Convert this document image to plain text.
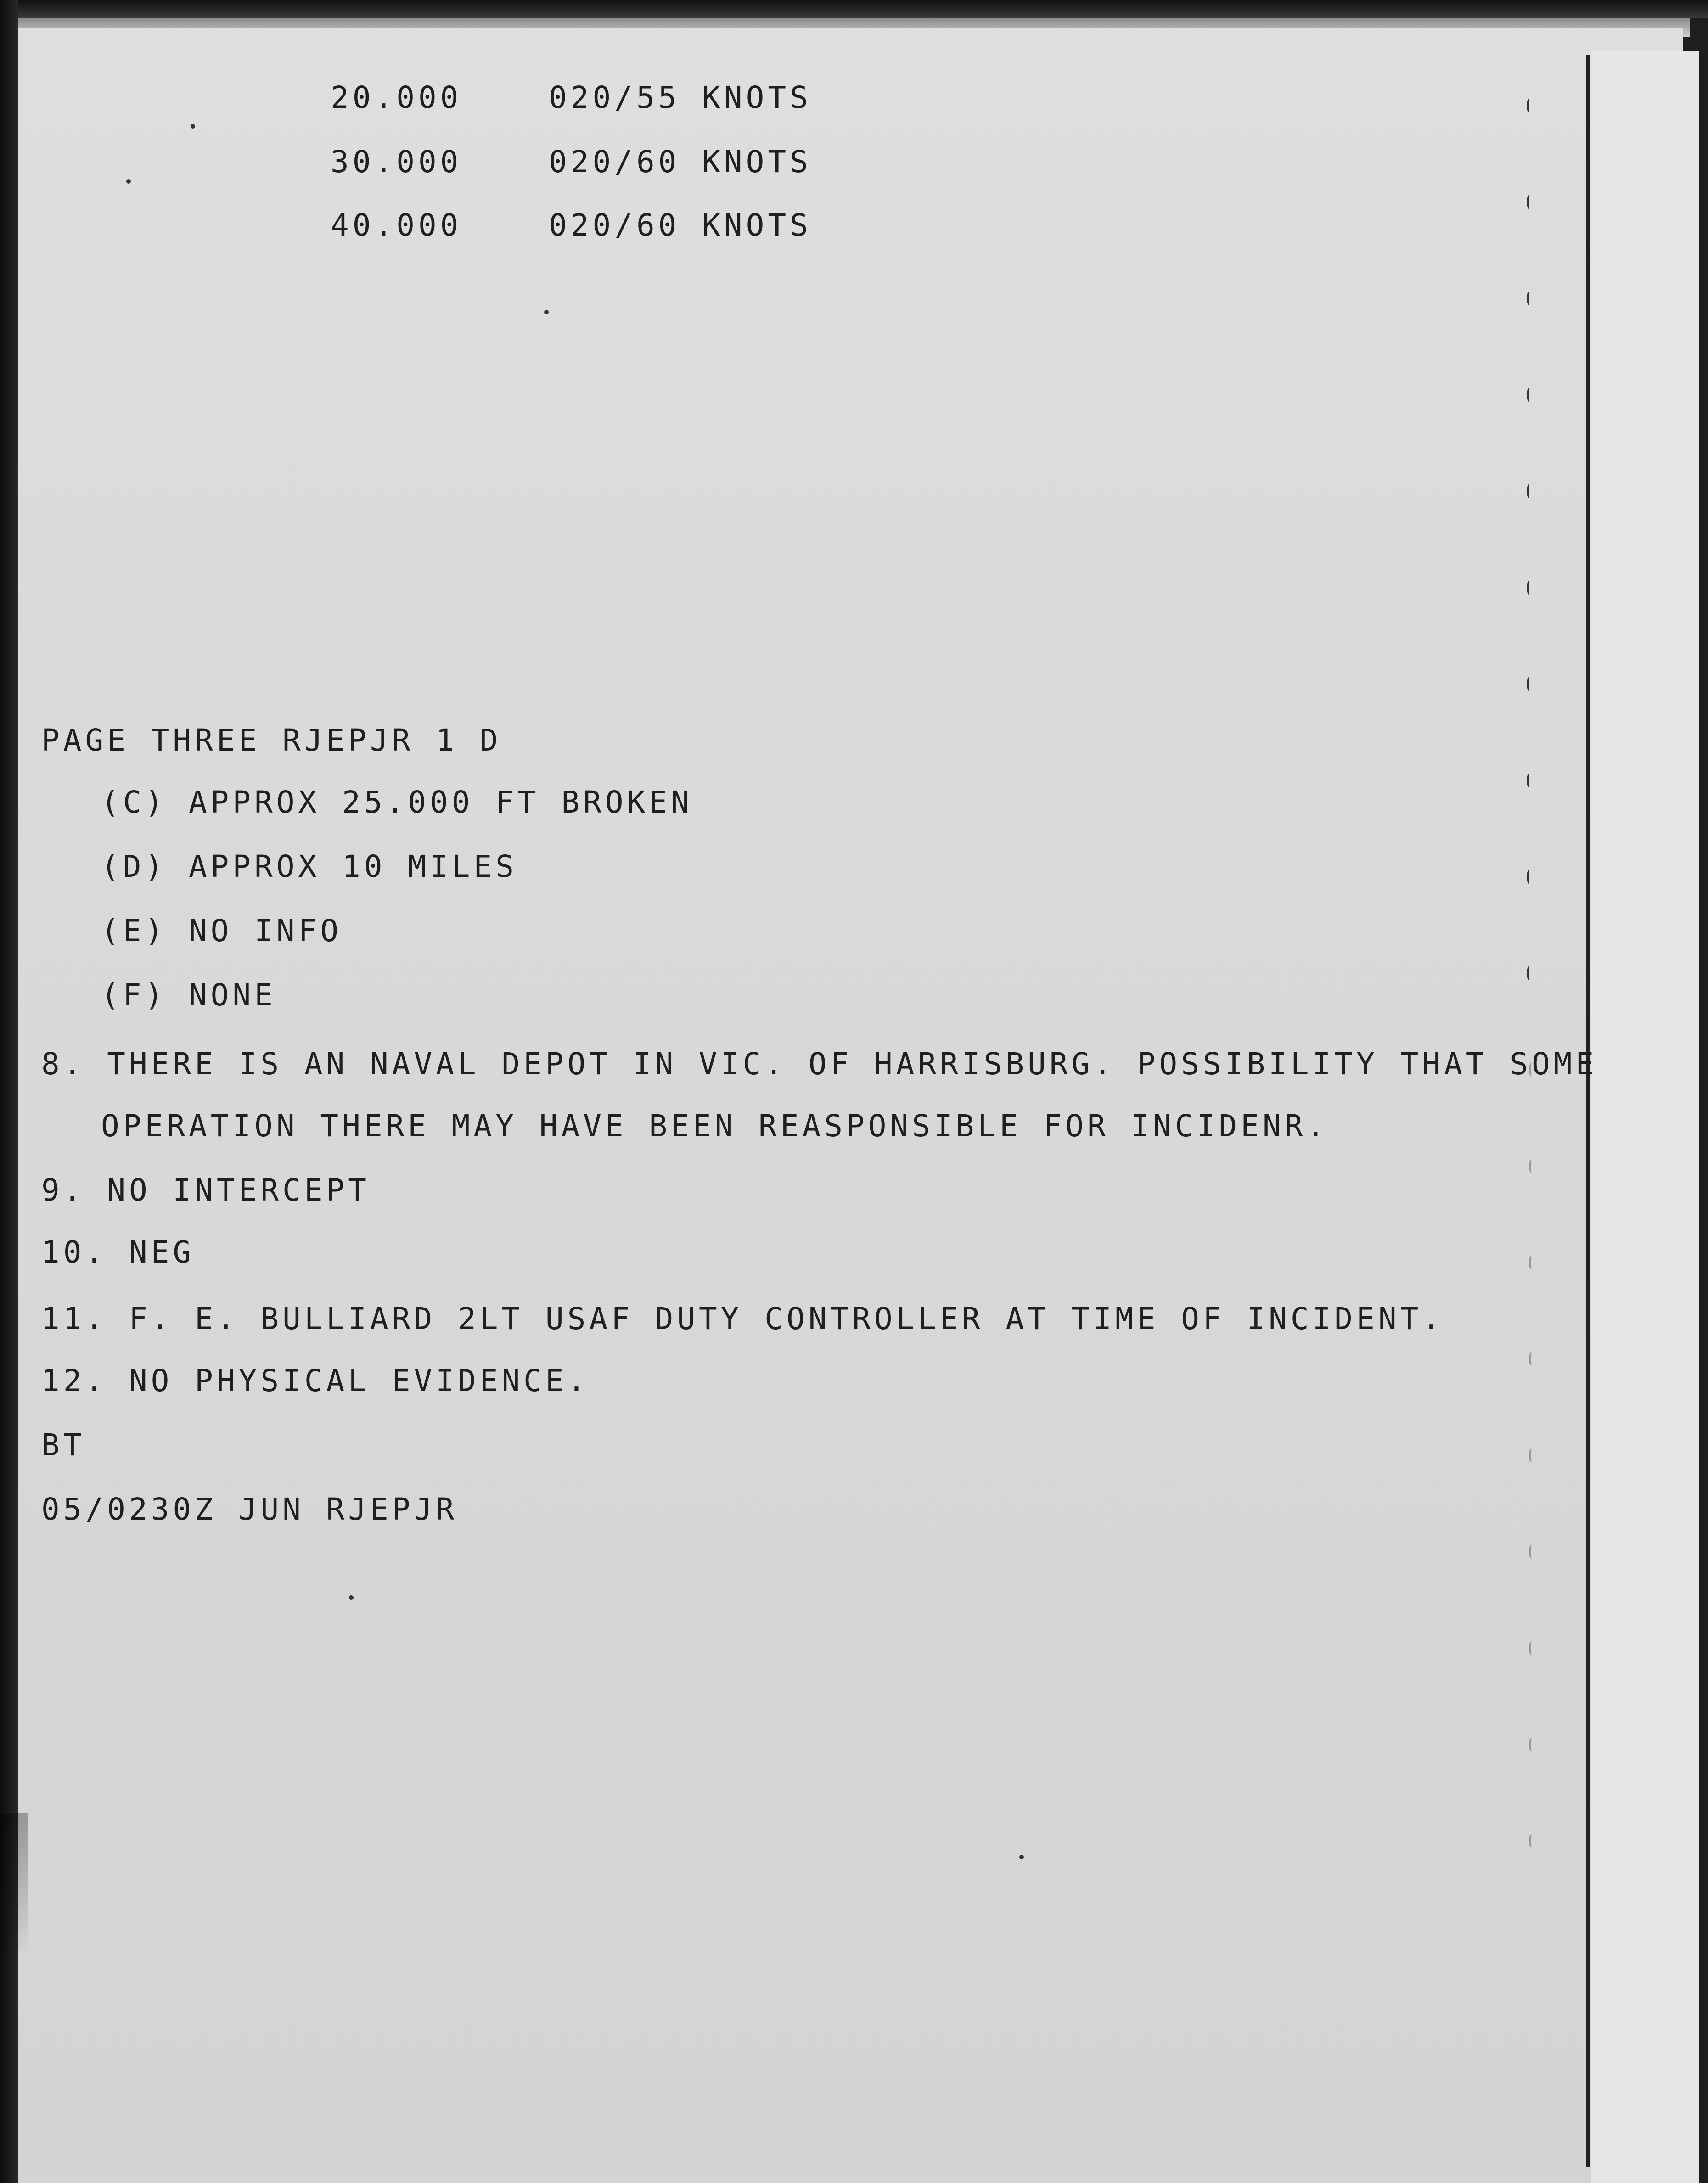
20.000	020/55 KNOTS
30.000	020/60 KNOTS
40.000	020/60 KNOTS
PAGE THREE RJEPJR 1 D
(C) APPROX 25.000 FT BROKEN
(D) APPROX 10 MILES
(E) NO INFO
(F) NONE
8. THERE IS AN NAVAL DEPOT IN VIC. OF HARRISBURG. POSSIBILITY THAT SOME
OPERATION THERE MAY HAVE BEEN REASPONSIBLE FOR INCIDENR.
9. NO INTERCEPT
10. NEG
11. F. E. BULLIARD 2LT USAF DUTY CONTROLLER AT TIME OF INCIDENT.
12. NO PHYSICAL EVIDENCE.
BT
05/0230Z JUN RJEPJR
